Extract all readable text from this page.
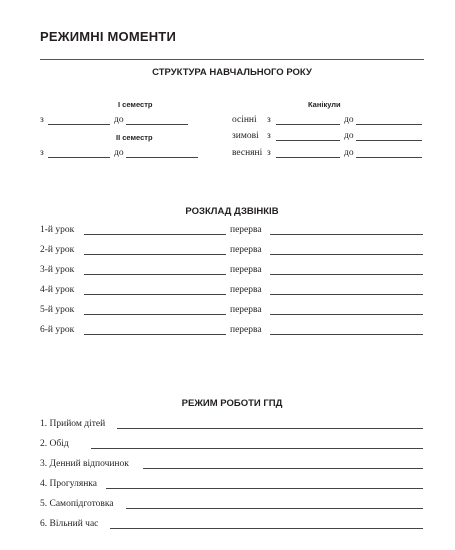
РЕЖИМНІ МОМЕНТИ
СТРУКТУРА НАВЧАЛЬНОГО РОКУ
І семестр	Канікули
з	до	осінні з	до
ІІ семестр	зимові з	до
з	до	весняні з	до
РОЗКЛАД ДЗВІНКІВ
1-й урок	перерва
2-й урок	перерва
3-й урок	перерва
4-й урок	перерва
5-й урок	перерва
6-й урок	перерва
РЕЖИМ РОБОТИ ГПД
1. Прийом дітей
2. Обід
3. Денний відпочинок
4. Прогулянка
5. Самопідготовка
6. Вільний час
